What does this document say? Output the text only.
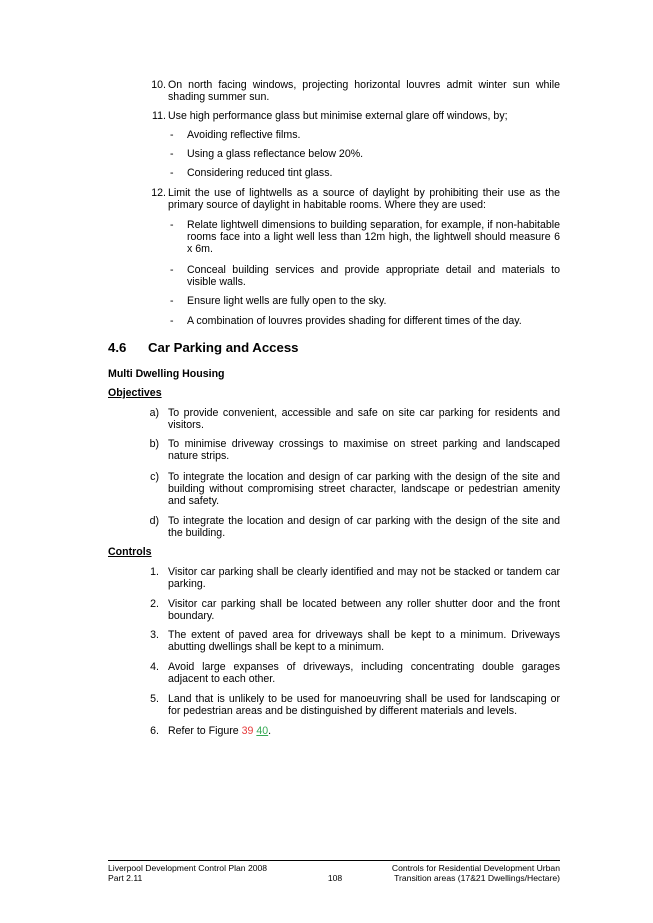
10. On north facing windows, projecting horizontal louvres admit winter sun while shading summer sun.
11. Use high performance glass but minimise external glare off windows, by;
- Avoiding reflective films.
- Using a glass reflectance below 20%.
- Considering reduced tint glass.
12. Limit the use of lightwells as a source of daylight by prohibiting their use as the primary source of daylight in habitable rooms. Where they are used:
- Relate lightwell dimensions to building separation, for example, if non-habitable rooms face into a light well less than 12m high, the lightwell should measure 6 x 6m.
- Conceal building services and provide appropriate detail and materials to visible walls.
- Ensure light wells are fully open to the sky.
- A combination of louvres provides shading for different times of the day.
4.6 Car Parking and Access
Multi Dwelling Housing
Objectives
a) To provide convenient, accessible and safe on site car parking for residents and visitors.
b) To minimise driveway crossings to maximise on street parking and landscaped nature strips.
c) To integrate the location and design of car parking with the design of the site and building without compromising street character, landscape or pedestrian amenity and safety.
d) To integrate the location and design of car parking with the design of the site and the building.
Controls
1. Visitor car parking shall be clearly identified and may not be stacked or tandem car parking.
2. Visitor car parking shall be located between any roller shutter door and the front boundary.
3. The extent of paved area for driveways shall be kept to a minimum. Driveways abutting dwellings shall be kept to a minimum.
4. Avoid large expanses of driveways, including concentrating double garages adjacent to each other.
5. Land that is unlikely to be used for manoeuvring shall be used for landscaping or for pedestrian areas and be distinguished by different materials and levels.
6. Refer to Figure 39 40.
Liverpool Development Control Plan 2008
Part 2.11	108
Controls for Residential Development Urban
Transition areas (17&21 Dwellings/Hectare)
